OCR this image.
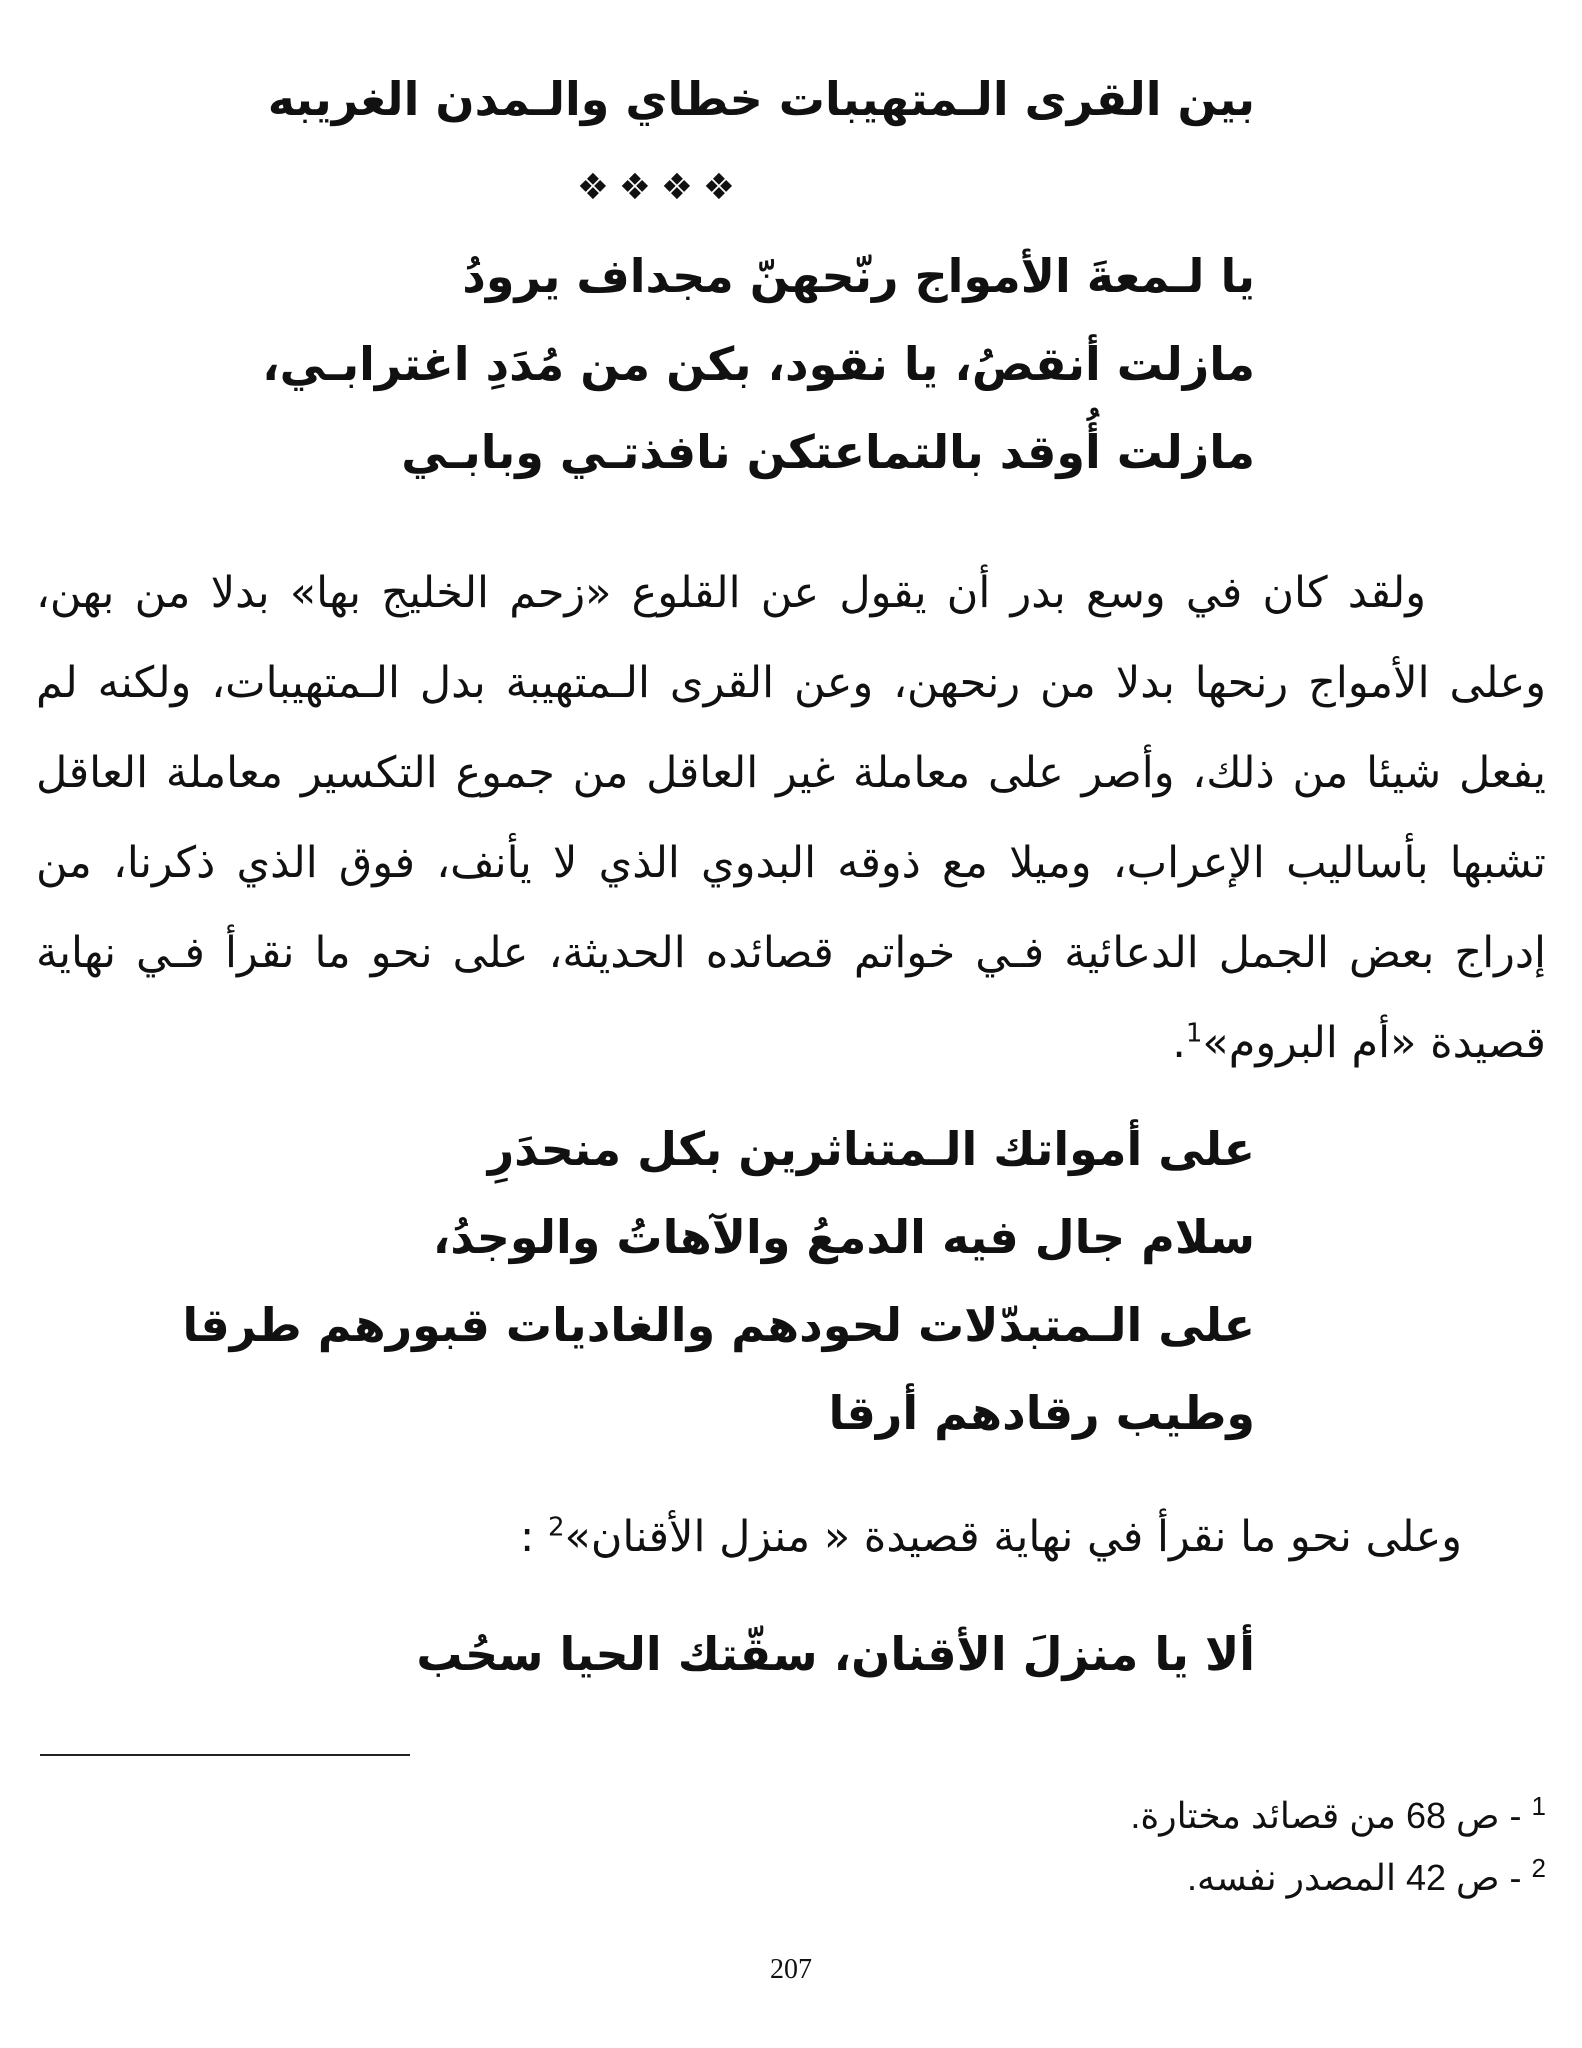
بين القرى الـمتهيبات خطاي والـمدن الغريبه
❖❖❖❖
يا لـمعةَ الأمواج رنّحهنّ مجداف يرودُ
مازلت أنقصُ، يا نقود، بكن من مُدَدِ اغترابـي،
مازلت أُوقد بالتماعتكن نافذتـي وبابـي

ولقد كان في وسع بدر أن يقول عن القلوع «زحم الخليج بها» بدلا من بهن،
وعلى الأمواج رنحها بدلا من رنحهن، وعن القرى الـمتهيبة بدل الـمتهيبات، ولكنه لم
يفعل شيئا من ذلك، وأصر على معاملة غير العاقل من جموع التكسير معاملة العاقل
تشبها بأساليب الإعراب، وميلا مع ذوقه البدوي الذي لا يأنف، فوق الذي ذكرنا، من
إدراج بعض الجمل الدعائية فـي خواتم قصائده الحديثة، على نحو ما نقرأ فـي نهاية
قصيدة «أم البروم»$^1$.

على أمواتك الـمتناثرين بكل منحدَرِ
سلام جال فيه الدمعُ والآهاتُ والوجدُ،
على الـمتبدّلات لحودهم والغاديات قبورهم طرقا
وطيب رقادهم أرقا

وعلى نحو ما نقرأ في نهاية قصيدة « منزل الأقنان»$^2$ :

ألا يا منزلَ الأقنان، سقّتك الحيا سحُب
$^1$ - ص 68 من قصائد مختارة.
$^2$ - ص 42 المصدر نفسه.
207
